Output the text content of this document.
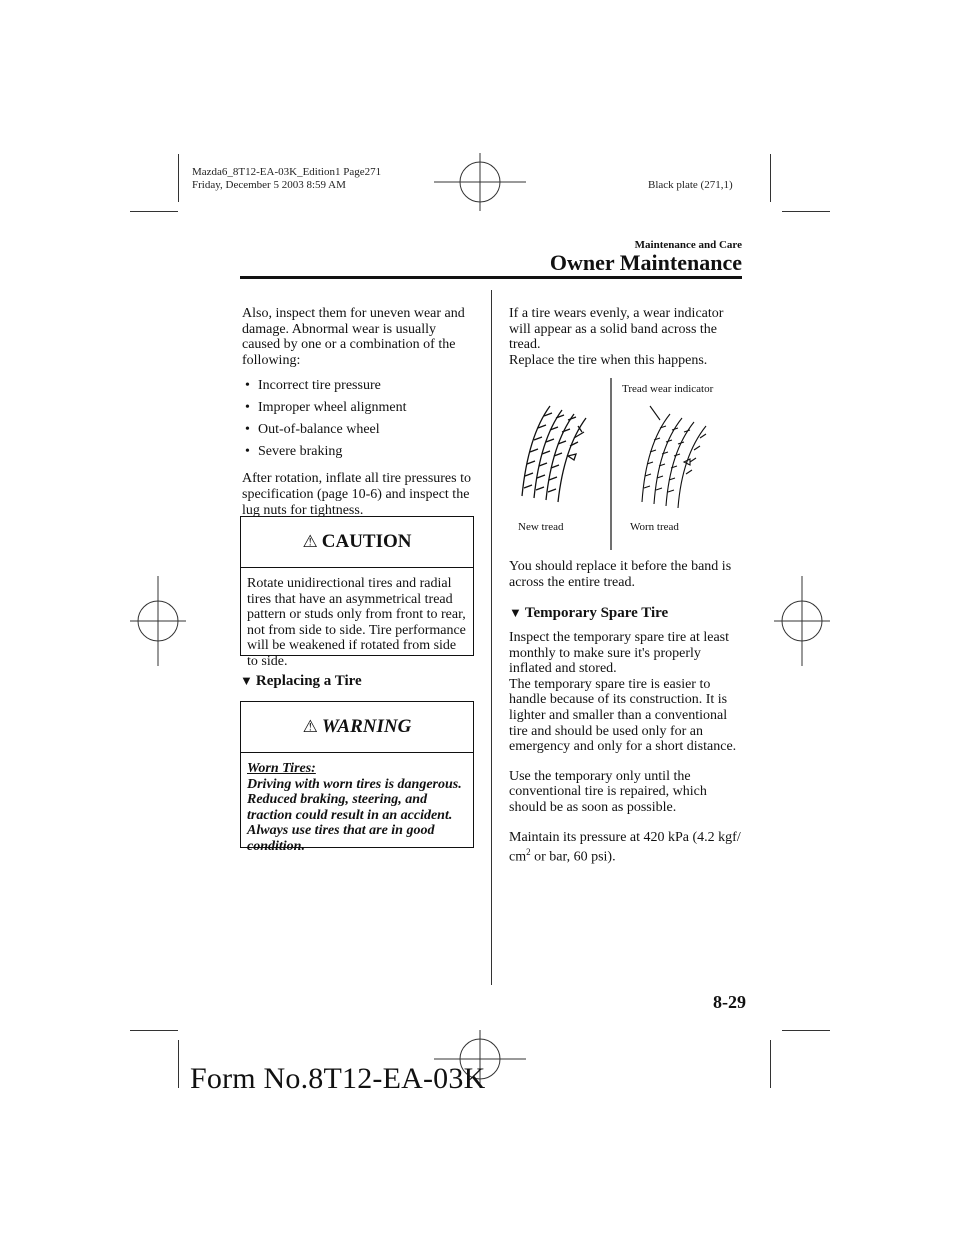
Mazda6_8T12-EA-03K_Edition1 Page271
Friday, December 5 2003 8:59 AM	Black plate (271,1)
Maintenance and Care
Owner Maintenance

Also, inspect them for uneven wear and damage. Abnormal wear is usually caused by one or a combination of the following:

• Incorrect tire pressure
• Improper wheel alignment
• Out-of-balance wheel
• Severe braking

After rotation, inflate all tire pressures to specification (page 10-6) and inspect the lug nuts for tightness.

⚠ CAUTION
Rotate unidirectional tires and radial tires that have an asymmetrical tread pattern or studs only from front to rear, not from side to side. Tire performance will be weakened if rotated from side to side.
▼ Replacing a Tire
⚠ WARNING
Worn Tires:
Driving with worn tires is dangerous. Reduced braking, steering, and traction could result in an accident. Always use tires that are in good condition.

If a tire wears evenly, a wear indicator will appear as a solid band across the tread.

Replace the tire when this happens.

Tread wear indicator
New tread	Worn tread

You should replace it before the band is across the entire tread.

▼ Temporary Spare Tire

Inspect the temporary spare tire at least monthly to make sure it's properly inflated and stored.

The temporary spare tire is easier to handle because of its construction. It is lighter and smaller than a conventional tire and should be used only for an emergency and only for a short distance.

Use the temporary only until the conventional tire is repaired, which should be as soon as possible.

Maintain its pressure at 420 kPa (4.2 kgf/
$cm^2$ or bar, 60 psi).

8-29
Form No.8T12-EA-03K
